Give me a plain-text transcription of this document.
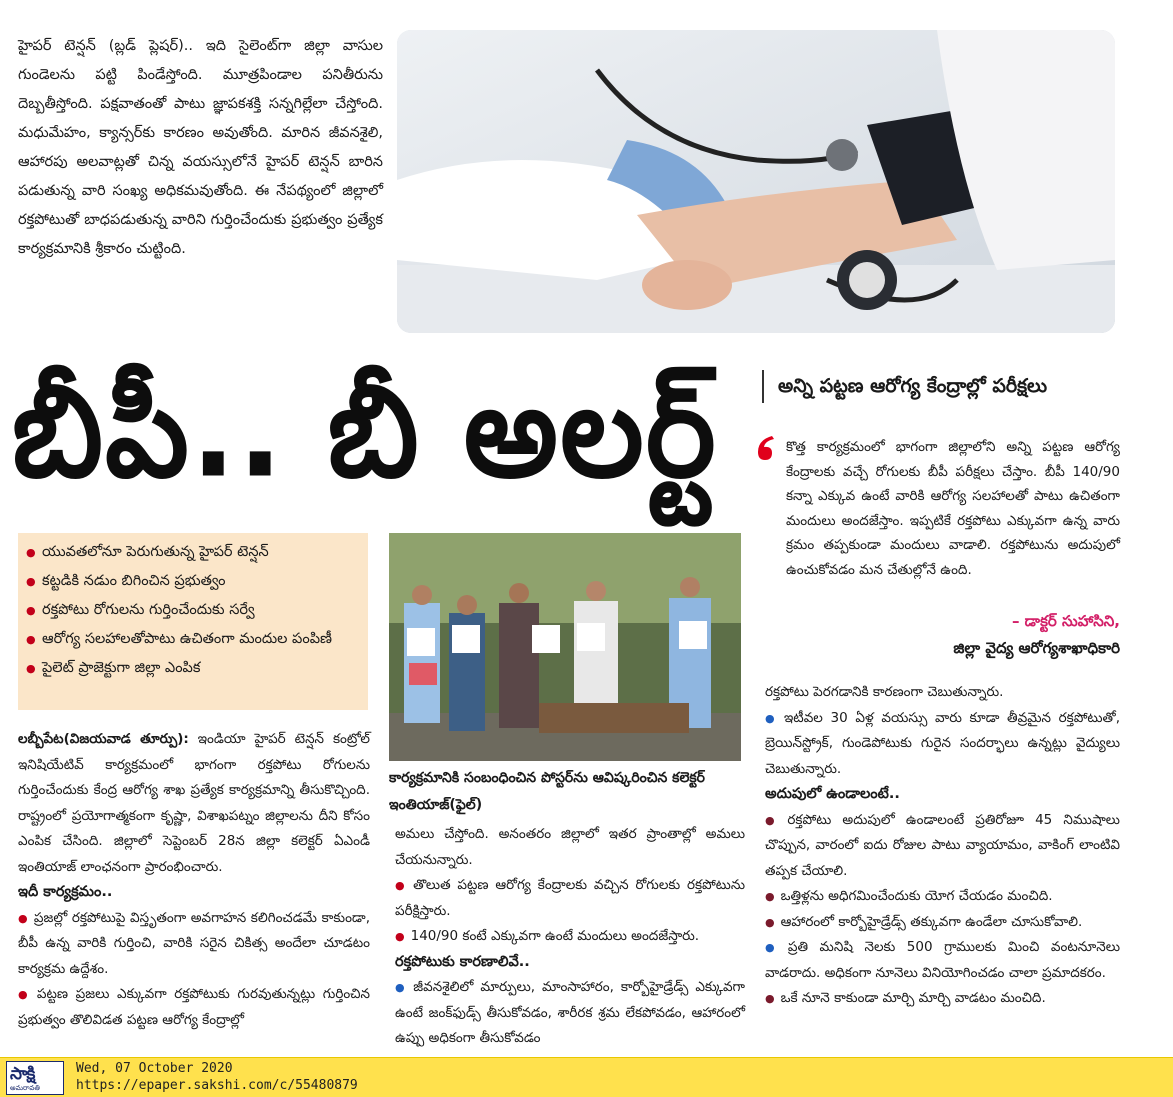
హైపర్ టెన్షన్ (బ్లడ్ ప్లెషర్).. ఇది సైలెంట్‌గా జిల్లా వాసుల గుండెలను పట్టి పిండేస్తోంది. మూత్రపిండాల పనితీరును దెబ్బతీస్తోంది. పక్షవాతంతో పాటు జ్ఞాపకశక్తి సన్నగిల్లేలా చేస్తోంది. మధుమేహం, క్యాన్సర్‌కు కారణం అవుతోంది. మారిన జీవనశైలి, ఆహారపు అలవాట్లతో చిన్న వయస్సులోనే హైపర్ టెన్షన్ బారిన పడుతున్న వారి సంఖ్య అధికమవుతోంది. ఈ నేపథ్యంలో జిల్లాలో రక్తపోటుతో బాధపడుతున్న వారిని గుర్తించేందుకు ప్రభుత్వం ప్రత్యేక కార్యక్రమానికి శ్రీకారం చుట్టింది.
బీపీ.. బీ అలర్ట్	అన్ని పట్టణ ఆరోగ్య కేంద్రాల్లో పరీక్షలు
కొత్త కార్యక్రమంలో భాగంగా జిల్లాలోని అన్ని పట్టణ ఆరోగ్య కేంద్రాలకు వచ్చే రోగులకు బీపీ పరీక్షలు చేస్తాం. బీపీ 140/90 కన్నా ఎక్కువ ఉంటే వారికి ఆరోగ్య సలహాలతో పాటు ఉచితంగా మందులు అందజేస్తాం. ఇప్పటికే రక్తపోటు ఎక్కువగా ఉన్న వారు క్రమం తప్పకుండా మందులు వాడాలి. రక్తపోటును అదుపులో ఉంచుకోవడం మన చేతుల్లోనే ఉంది.
– డాక్టర్ సుహాసిని,
జిల్లా వైద్య ఆరోగ్యశాఖాధికారి
● యువతలోనూ పెరుగుతున్న హైపర్ టెన్షన్
● కట్టడికి నడుం బిగించిన ప్రభుత్వం
● రక్తపోటు రోగులను గుర్తించేందుకు సర్వే
● ఆరోగ్య సలహాలతోపాటు ఉచితంగా మందుల పంపిణీ
● పైలెట్ ప్రాజెక్టుగా జిల్లా ఎంపిక
కార్యక్రమానికి సంబంధించిన పోస్టర్‌ను ఆవిష్కరించిన కలెక్టర్ ఇంతియాజ్(ఫైల్)

లబ్బీపేట(విజయవాడ తూర్పు): ఇండియా హైపర్ టెన్షన్ కంట్రోల్ ఇనిషియేటివ్ కార్యక్రమంలో భాగంగా రక్తపోటు రోగులను గుర్తించేందుకు కేంద్ర ఆరోగ్య శాఖ ప్రత్యేక కార్యక్రమాన్ని తీసుకొచ్చింది. రాష్ట్రంలో ప్రయోగాత్మకంగా కృష్ణా, విశాఖపట్నం జిల్లాలను దీని కోసం ఎంపిక చేసింది. జిల్లాలో సెప్టెంబర్ 28న జిల్లా కలెక్టర్ ఏఎండీ ఇంతియాజ్ లాంఛనంగా ప్రారంభించారు.

ఇదీ కార్యక్రమం..

● ప్రజల్లో రక్తపోటుపై విస్తృతంగా అవగాహన కలిగించడమే కాకుండా, బీపీ ఉన్న వారికి గుర్తించి, వారికి సరైన చికిత్స అందేలా చూడటం కార్యక్రమ ఉద్దేశం.

● పట్టణ ప్రజలు ఎక్కువగా రక్తపోటుకు గురవుతున్నట్లు గుర్తించిన ప్రభుత్వం తొలివిడత పట్టణ ఆరోగ్య కేంద్రాల్లో

అమలు చేస్తోంది. అనంతరం జిల్లాలో ఇతర ప్రాంతాల్లో అమలు చేయనున్నారు.

● తొలుత పట్టణ ఆరోగ్య కేంద్రాలకు వచ్చిన రోగులకు రక్తపోటును పరీక్షిస్తారు.

● 140/90 కంటే ఎక్కువగా ఉంటే మందులు అందజేస్తారు.

రక్తపోటుకు కారణాలివే..

● జీవనశైలిలో మార్పులు, మాంసాహారం, కార్బోహైడ్రేడ్స్ ఎక్కువగా ఉంటే జంక్‌ఫుడ్స్ తీసుకోవడం, శారీరక శ్రమ లేకపోవడం, ఆహారంలో ఉప్పు అధికంగా తీసుకోవడం

రక్తపోటు పెరగడానికి కారణంగా చెబుతున్నారు.

● ఇటీవల 30 ఏళ్ల వయస్సు వారు కూడా తీవ్రమైన రక్తపోటుతో, బ్రెయిన్‌స్ట్రోక్, గుండెపోటుకు గురైన సందర్భాలు ఉన్నట్లు వైద్యులు చెబుతున్నారు.

అదుపులో ఉండాలంటే..

● రక్తపోటు అదుపులో ఉండాలంటే ప్రతిరోజూ 45 నిముషాలు చొప్పున, వారంలో ఐదు రోజుల పాటు వ్యాయామం, వాకింగ్ లాంటివి తప్పక చేయాలి.

● ఒత్తిళ్లను అధిగమించేందుకు యోగ చేయడం మంచిది.

● ఆహారంలో కార్బోహైడ్రేడ్స్ తక్కువగా ఉండేలా చూసుకోవాలి.

● ప్రతి మనిషి నెలకు 500 గ్రాములకు మించి వంటనూనెలు వాడరాదు. అధికంగా నూనెలు వినియోగించడం చాలా ప్రమాదకరం.

● ఒకే నూనె కాకుండా మార్చి మార్చి వాడటం మంచిది.

సాక్షి
అమరావతి
Wed, 07 October 2020
https://epaper.sakshi.com/c/55480879
